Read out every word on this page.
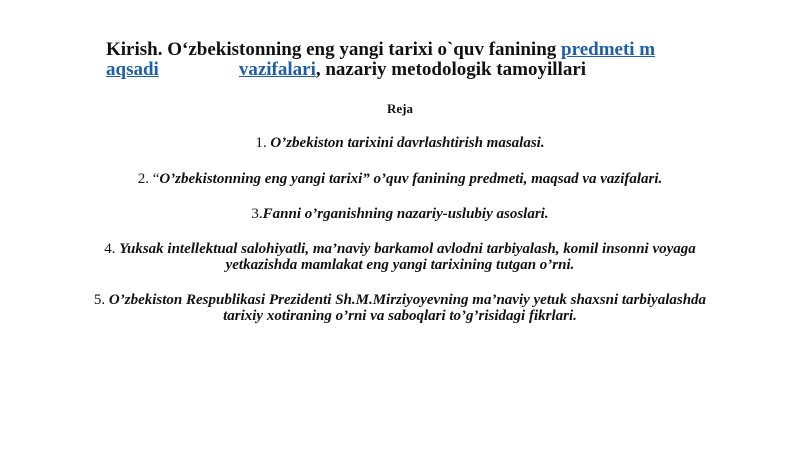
Kirish. O‘zbekistonning eng yangi tarixi o`quv fanining predmeti m aqsadi	vazifalari, nazariy metodologik tamoyillari
Reja
1. O’zbekiston tarixini davrlashtirish masalasi.
2. “O’zbekistonning eng yangi tarixi” o’quv fanining predmeti, maqsad va vazifalari.
3.Fanni o’rganishning nazariy-uslubiy asoslari.
4. Yuksak intellektual salohiyatli, ma’naviy barkamol avlodni tarbiyalash, komil insonni voyaga yetkazishda mamlakat eng yangi tarixining tutgan o’rni.
5. O’zbekiston Respublikasi Prezidenti Sh.M.Mirziyoyevning ma’naviy yetuk shaxsni tarbiyalashda tarixiy xotiraning o’rni va saboqlari to’g’risidagi fikrlari.
